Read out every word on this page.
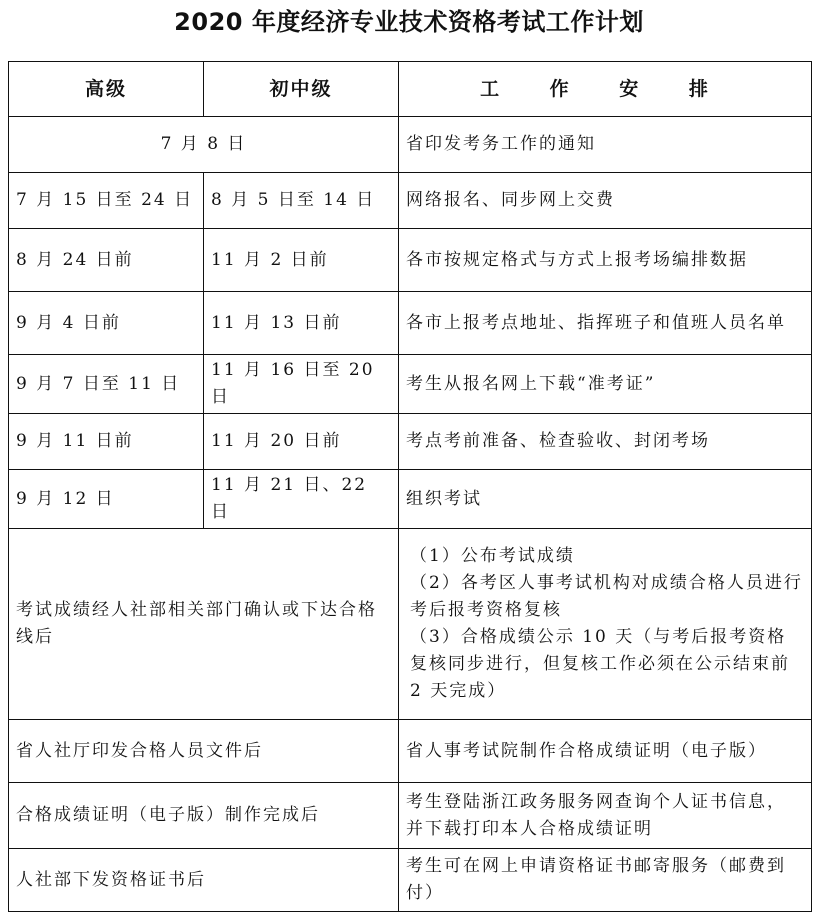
2020 年度经济专业技术资格考试工作计划
高级	初中级	工 作 安 排
7 月 8 日		省印发考务工作的通知
7 月 15 日至 24 日	8 月 5 日至 14 日	网络报名、同步网上交费
8 月 24 日前	11 月 2 日前	各市按规定格式与方式上报考场编排数据
9 月 4 日前	11 月 13 日前	各市上报考点地址、指挥班子和值班人员名单
9 月 7 日至 11 日	11 月 16 日至 20 日	考生从报名网上下载“准考证”
9 月 11 日前	11 月 20 日前	考点考前准备、检查验收、封闭考场
9 月 12 日	11 月 21 日、22 日	组织考试
考试成绩经人社部相关部门确认或下达合格线后		（1）公布考试成绩
（2）各考区人事考试机构对成绩合格人员进行考后报考资格复核
（3）合格成绩公示 10 天（与考后报考资格复核同步进行，但复核工作必须在公示结束前 2 天完成）

省人社厅印发合格人员文件后		省人事考试院制作合格成绩证明（电子版）
合格成绩证明（电子版）制作完成后		考生登陆浙江政务服务网查询个人证书信息，并下载打印本人合格成绩证明
人社部下发资格证书后		考生可在网上申请资格证书邮寄服务（邮费到付）
